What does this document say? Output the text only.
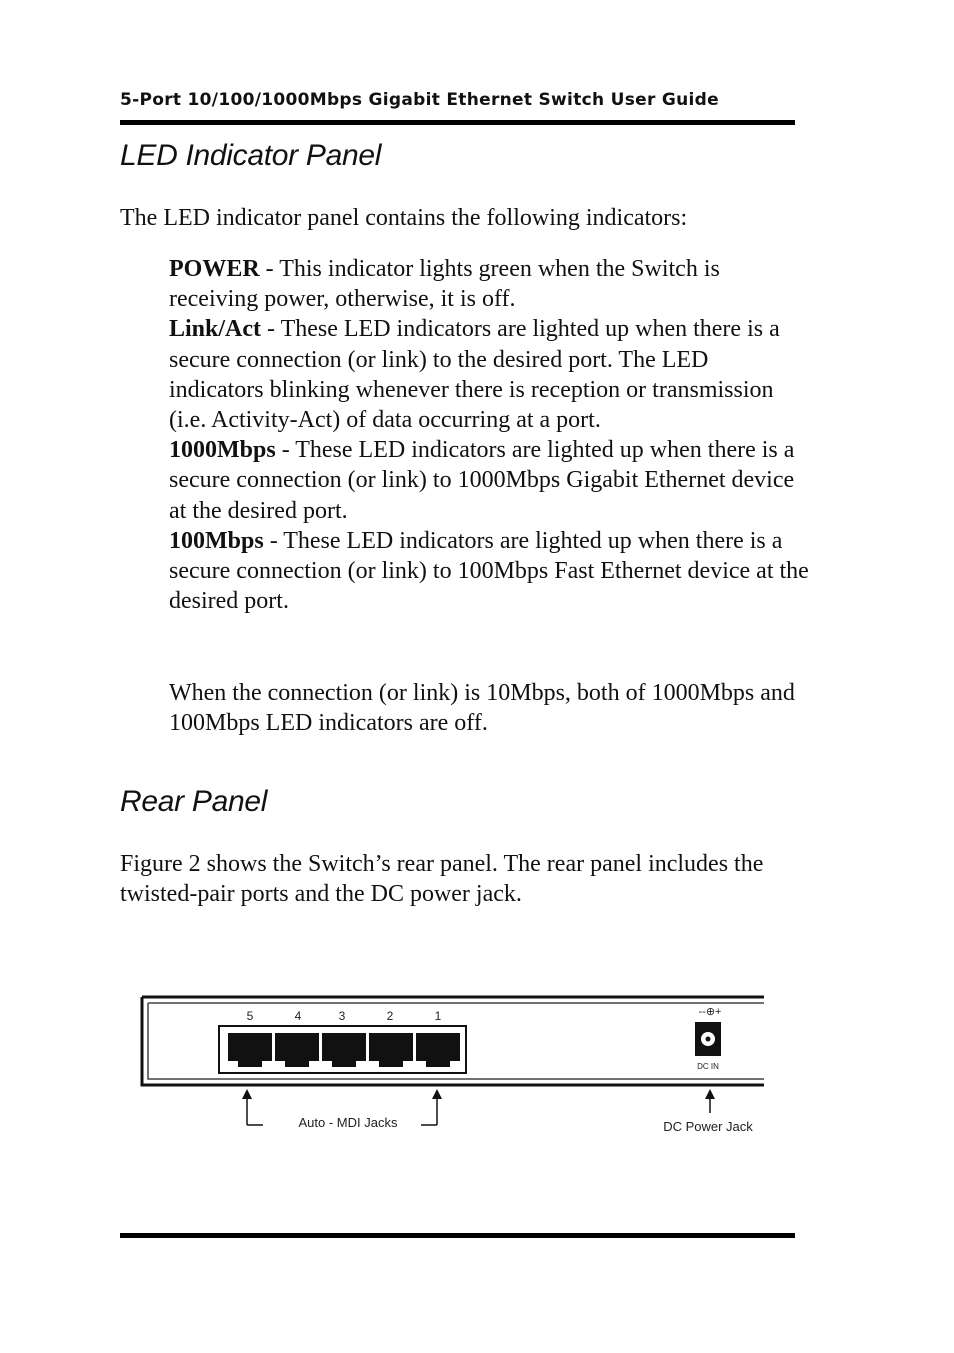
5-Port 10/100/1000Mbps Gigabit Ethernet Switch User Guide
LED Indicator Panel

The LED indicator panel contains the following indicators:

POWER - This indicator lights green when the Switch is receiving power, otherwise, it is off.

Link/Act - These LED indicators are lighted up when there is a secure connection (or link) to the desired port. The LED indicators blinking whenever there is reception or transmission (i.e. Activity-Act) of data occurring at a port.

1000Mbps - These LED indicators are lighted up when there is a secure connection (or link) to 1000Mbps Gigabit Ethernet device at the desired port.

100Mbps - These LED indicators are lighted up when there is a secure connection (or link) to 100Mbps Fast Ethernet device at the desired port.

When the connection (or link) is 10Mbps, both of 1000Mbps and 100Mbps LED indicators are off.

Rear Panel

Figure 2 shows the Switch’s rear panel. The rear panel includes the twisted-pair ports and the DC power jack.

5	4	3	2	1	--⊕+
DC IN
Auto - MDI Jacks	DC Power Jack
